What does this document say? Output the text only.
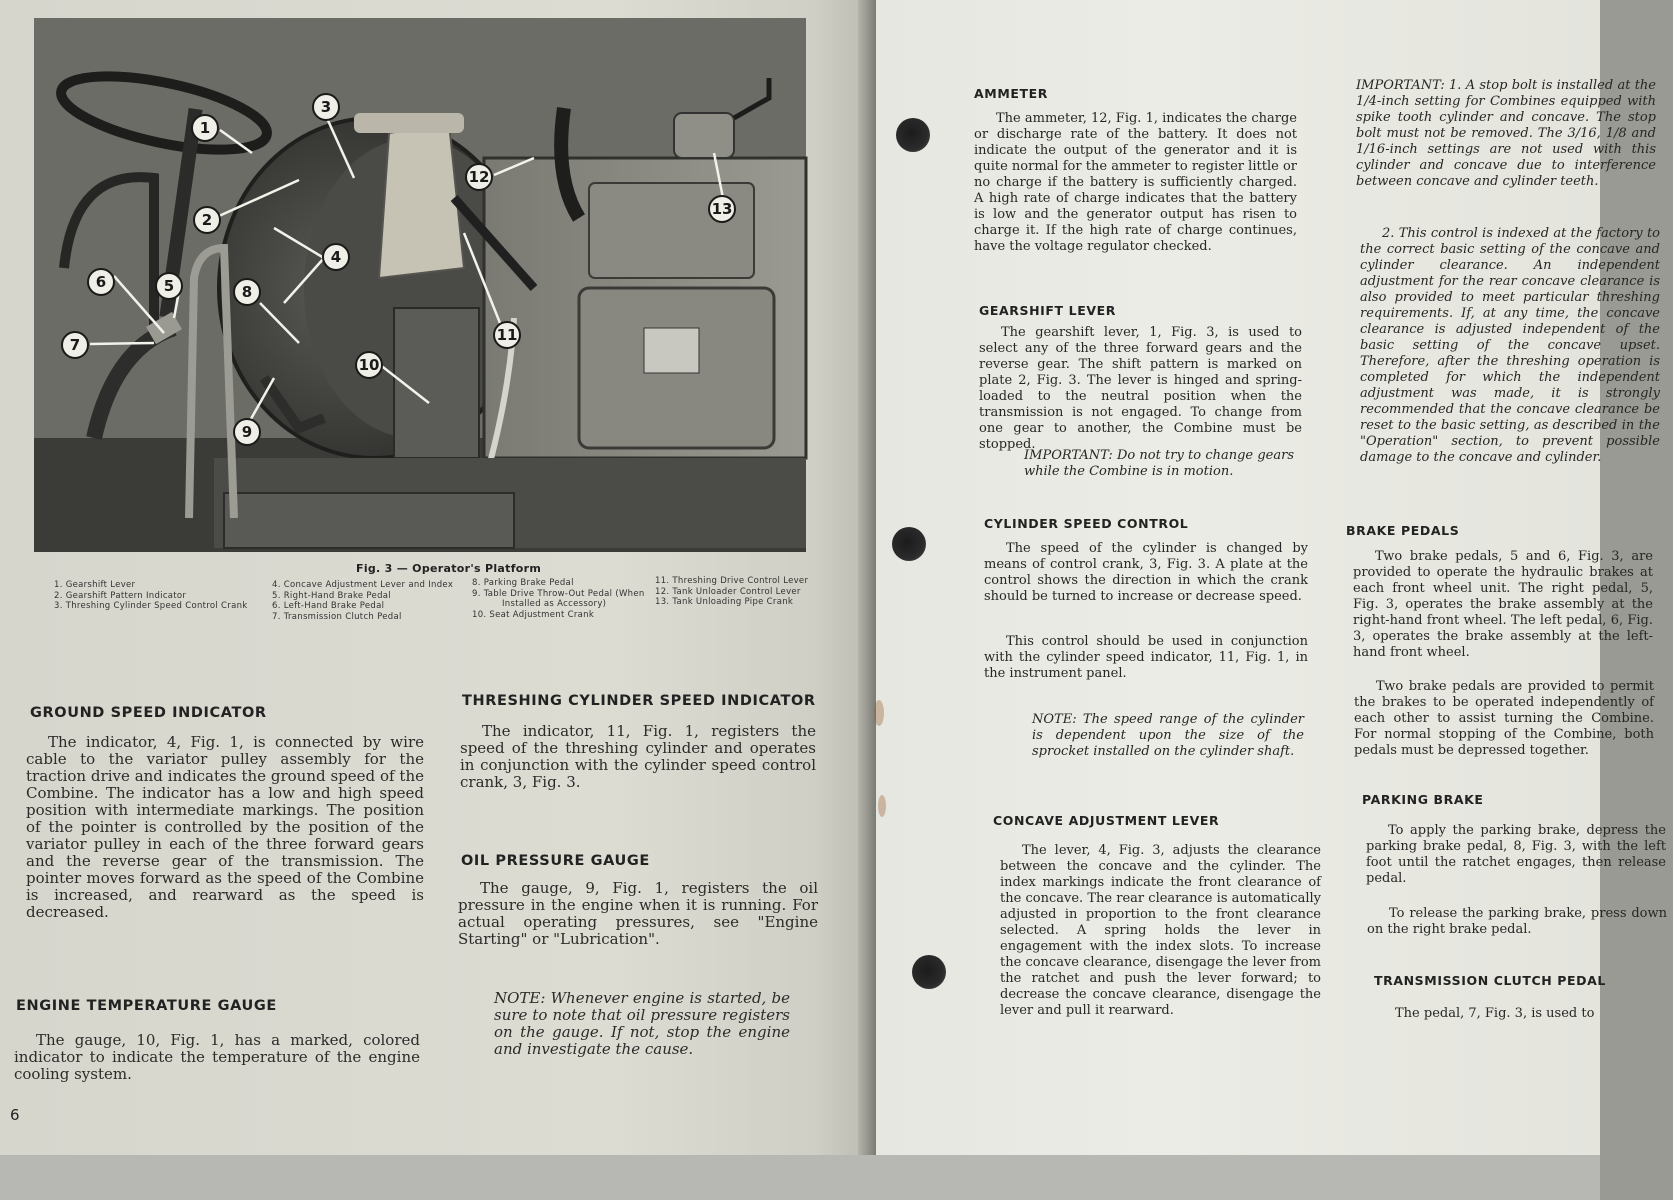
1
2
3
4
5
6
7
8
9
10
11
12
13
Fig. 3 — Operator's Platform
1. Gearshift Lever
2. Gearshift Pattern Indicator
3. Threshing Cylinder Speed Control Crank
4. Concave Adjustment Lever and Index
5. Right-Hand Brake Pedal
6. Left-Hand Brake Pedal
7. Transmission Clutch Pedal
8. Parking Brake Pedal
9. Table Drive Throw-Out Pedal (When
Installed as Accessory)
10. Seat Adjustment Crank
11. Threshing Drive Control Lever
12. Tank Unloader Control Lever
13. Tank Unloading Pipe Crank
GROUND SPEED INDICATOR

The indicator, 4, Fig. 1, is connected by wire cable to the variator pulley assembly for the traction drive and indicates the ground speed of the Combine. The indicator has a low and high speed position with intermediate markings. The position of the pointer is controlled by the position of the variator pulley in each of the three forward gears and the reverse gear of the transmission. The pointer moves forward as the speed of the Combine is increased, and rearward as the speed is decreased.

ENGINE TEMPERATURE GAUGE

The gauge, 10, Fig. 1, has a marked, colored indicator to indicate the temperature of the engine cooling system.

THRESHING CYLINDER SPEED INDICATOR

The indicator, 11, Fig. 1, registers the speed of the threshing cylinder and operates in conjunction with the cylinder speed control crank, 3, Fig. 3.

OIL PRESSURE GAUGE

The gauge, 9, Fig. 1, registers the oil pressure in the engine when it is running. For actual operating pressures, see "Engine Starting" or "Lubrication".

NOTE: Whenever engine is started, be sure to note that oil pressure registers on the gauge. If not, stop the engine and investigate the cause.

6
AMMETER

The ammeter, 12, Fig. 1, indicates the charge or discharge rate of the battery. It does not indicate the output of the generator and it is quite normal for the ammeter to register little or no charge if the battery is sufficiently charged. A high rate of charge indicates that the battery is low and the generator output has risen to charge it. If the high rate of charge continues, have the voltage regulator checked.

GEARSHIFT LEVER

The gearshift lever, 1, Fig. 3, is used to select any of the three forward gears and the reverse gear. The shift pattern is marked on plate 2, Fig. 3. The lever is hinged and spring-loaded to the neutral position when the transmission is not engaged. To change from one gear to another, the Combine must be stopped.

IMPORTANT: Do not try to change gears while the Combine is in motion.

CYLINDER SPEED CONTROL

The speed of the cylinder is changed by means of control crank, 3, Fig. 3. A plate at the control shows the direction in which the crank should be turned to increase or decrease speed.

This control should be used in conjunction with the cylinder speed indicator, 11, Fig. 1, in the instrument panel.

NOTE: The speed range of the cylinder is dependent upon the size of the sprocket installed on the cylinder shaft.

CONCAVE ADJUSTMENT LEVER

The lever, 4, Fig. 3, adjusts the clearance between the concave and the cylinder. The index markings indicate the front clearance of the concave. The rear clearance is automatically adjusted in proportion to the front clearance selected. A spring holds the lever in engagement with the index slots. To increase the concave clearance, disengage the lever from the ratchet and push the lever forward; to decrease the concave clearance, disengage the lever and pull it rearward.

IMPORTANT: 1. A stop bolt is installed at the 1/4-inch setting for Combines equipped with spike tooth cylinder and concave. The stop bolt must not be removed. The 3/16, 1/8 and 1/16-inch settings are not used with this cylinder and concave due to interference between concave and cylinder teeth.

2. This control is indexed at the factory to the correct basic setting of the concave and cylinder clearance. An independent adjustment for the rear concave clearance is also provided to meet particular threshing requirements. If, at any time, the concave clearance is adjusted independent of the basic setting of the concave upset. Therefore, after the threshing operation is completed for which the independent adjustment was made, it is strongly recommended that the concave clearance be reset to the basic setting, as described in the "Operation" section, to prevent possible damage to the concave and cylinder.

BRAKE PEDALS

Two brake pedals, 5 and 6, Fig. 3, are provided to operate the hydraulic brakes at each front wheel unit. The right pedal, 5, Fig. 3, operates the brake assembly at the right-hand front wheel. The left pedal, 6, Fig. 3, operates the brake assembly at the left-hand front wheel.

Two brake pedals are provided to permit the brakes to be operated independently of each other to assist turning the Combine. For normal stopping of the Combine, both pedals must be depressed together.

PARKING BRAKE

To apply the parking brake, depress the parking brake pedal, 8, Fig. 3, with the left foot until the ratchet engages, then release pedal.

To release the parking brake, press down on the right brake pedal.

TRANSMISSION CLUTCH PEDAL

The pedal, 7, Fig. 3, is used to
